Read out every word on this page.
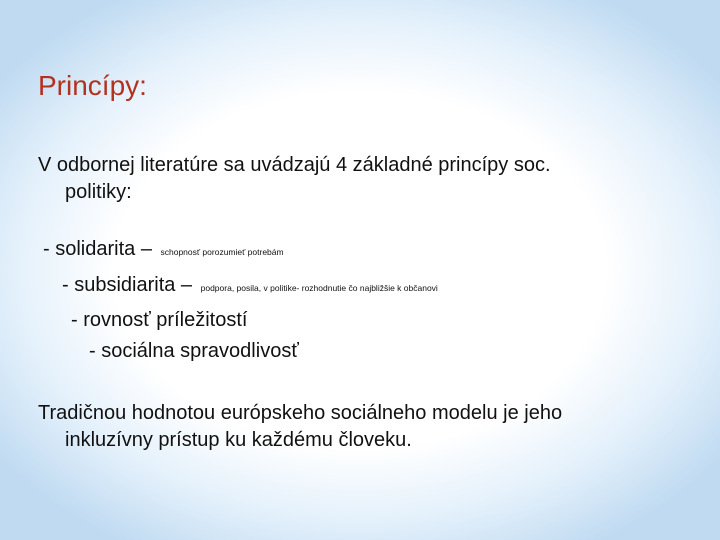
Princípy:
V odbornej literatúre sa uvádzajú 4 základné princípy soc.
politiky:
- solidarita – schopnosť porozumieť potrebám
- subsidiarita – podpora, posila, v politike- rozhodnutie čo najbližšie k občanovi
- rovnosť príležitostí
- sociálna spravodlivosť
Tradičnou hodnotou európskeho sociálneho modelu je jeho
inkluzívny prístup ku každému človeku.
